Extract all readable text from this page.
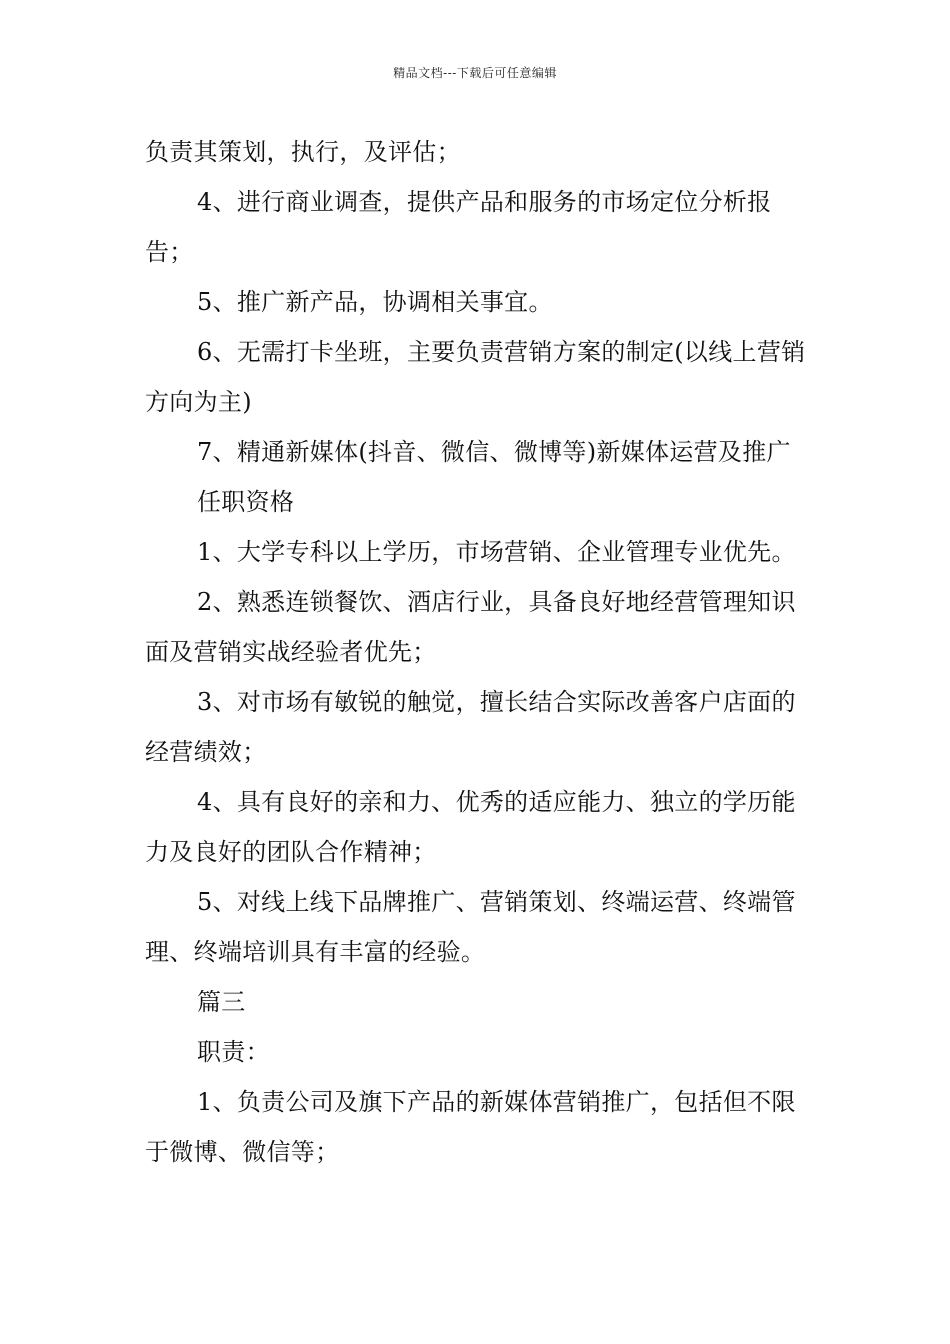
精品文档---下载后可任意编辑

负责其策划，执行，及评估；

4、进行商业调查，提供产品和服务的市场定位分析报告；

5、推广新产品，协调相关事宜。

6、无需打卡坐班，主要负责营销方案的制定(以线上营销方向为主)

7、精通新媒体(抖音、微信、微博等)新媒体运营及推广

任职资格

1、大学专科以上学历，市场营销、企业管理专业优先。

2、熟悉连锁餐饮、酒店行业，具备良好地经营管理知识面及营销实战经验者优先；

3、对市场有敏锐的触觉，擅长结合实际改善客户店面的经营绩效；

4、具有良好的亲和力、优秀的适应能力、独立的学历能力及良好的团队合作精神；

5、对线上线下品牌推广、营销策划、终端运营、终端管理、终端培训具有丰富的经验。

篇三

职责：

1、负责公司及旗下产品的新媒体营销推广，包括但不限于微博、微信等；
